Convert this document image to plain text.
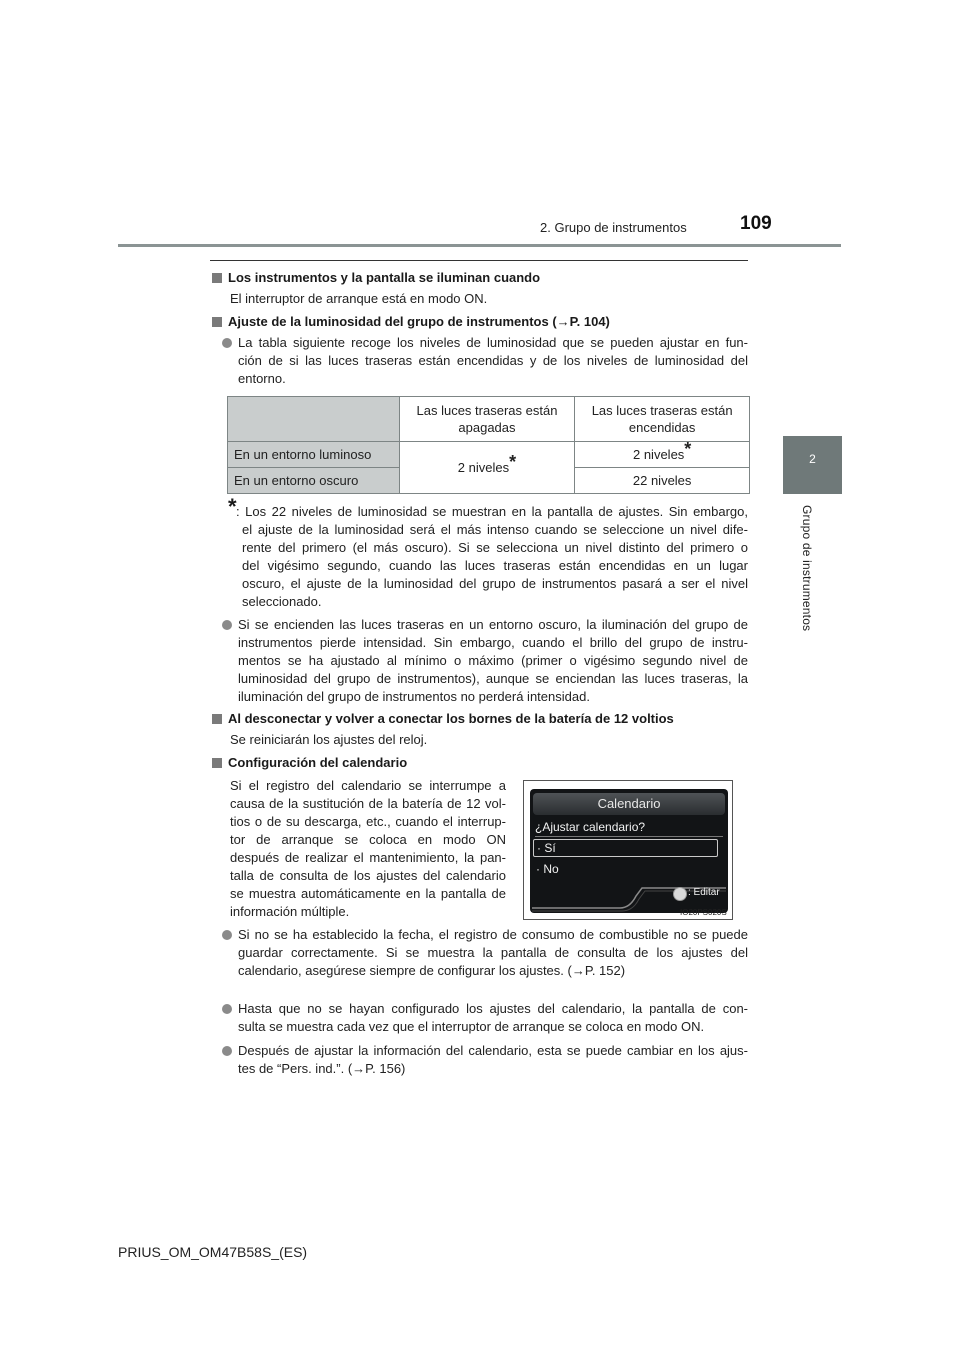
2. Grupo de instrumentos	109
2
Grupo de instrumentos
Los instrumentos y la pantalla se iluminan cuando
El interruptor de arranque está en modo ON.
Ajuste de la luminosidad del grupo de instrumentos (→P. 104)
La tabla siguiente recoge los niveles de luminosidad que se pueden ajustar en fun-
ción de si las luces traseras están encendidas y de los niveles de luminosidad del
entorno.
	Las luces traseras están apagadas	Las luces traseras están encendidas
En un entorno luminoso	2 niveles*	2 niveles*
En un entorno oscuro		22 niveles
* : Los 22 niveles de luminosidad se muestran en la pantalla de ajustes. Sin embargo,
el ajuste de la luminosidad será el más intenso cuando se seleccione un nivel dife-
rente del primero (el más oscuro). Si se selecciona un nivel distinto del primero o
del vigésimo segundo, cuando las luces traseras están encendidas en un lugar
oscuro, el ajuste de la luminosidad del grupo de instrumentos pasará a ser el nivel
seleccionado.
Si se encienden las luces traseras en un entorno oscuro, la iluminación del grupo de
instrumentos pierde intensidad. Sin embargo, cuando el brillo del grupo de instru-
mentos se ha ajustado al mínimo o máximo (primer o vigésimo segundo nivel de
luminosidad del grupo de instrumentos), aunque se enciendan las luces traseras, la
iluminación del grupo de instrumentos no perderá intensidad.
Al desconectar y volver a conectar los bornes de la batería de 12 voltios
Se reiniciarán los ajustes del reloj.
Configuración del calendario
Si el registro del calendario se interrumpe a
causa de la sustitución de la batería de 12 vol-
tios o de su descarga, etc., cuando el interrup-
tor de arranque se coloca en modo ON
después de realizar el mantenimiento, la pan-
talla de consulta de los ajustes del calendario
se muestra automáticamente en la pantalla de
información múltiple.
Calendario
¿Ajustar calendario?
· Sí
· No
: Editar
IO20PS020S
Si no se ha establecido la fecha, el registro de consumo de combustible no se puede
guardar correctamente. Si se muestra la pantalla de consulta de los ajustes del
calendario, asegúrese siempre de configurar los ajustes. (→P. 152)
Hasta que no se hayan configurado los ajustes del calendario, la pantalla de con-
sulta se muestra cada vez que el interruptor de arranque se coloca en modo ON.
Después de ajustar la información del calendario, esta se puede cambiar en los ajus-
tes de “Pers. ind.”. (→P. 156)
PRIUS_OM_OM47B58S_(ES)
